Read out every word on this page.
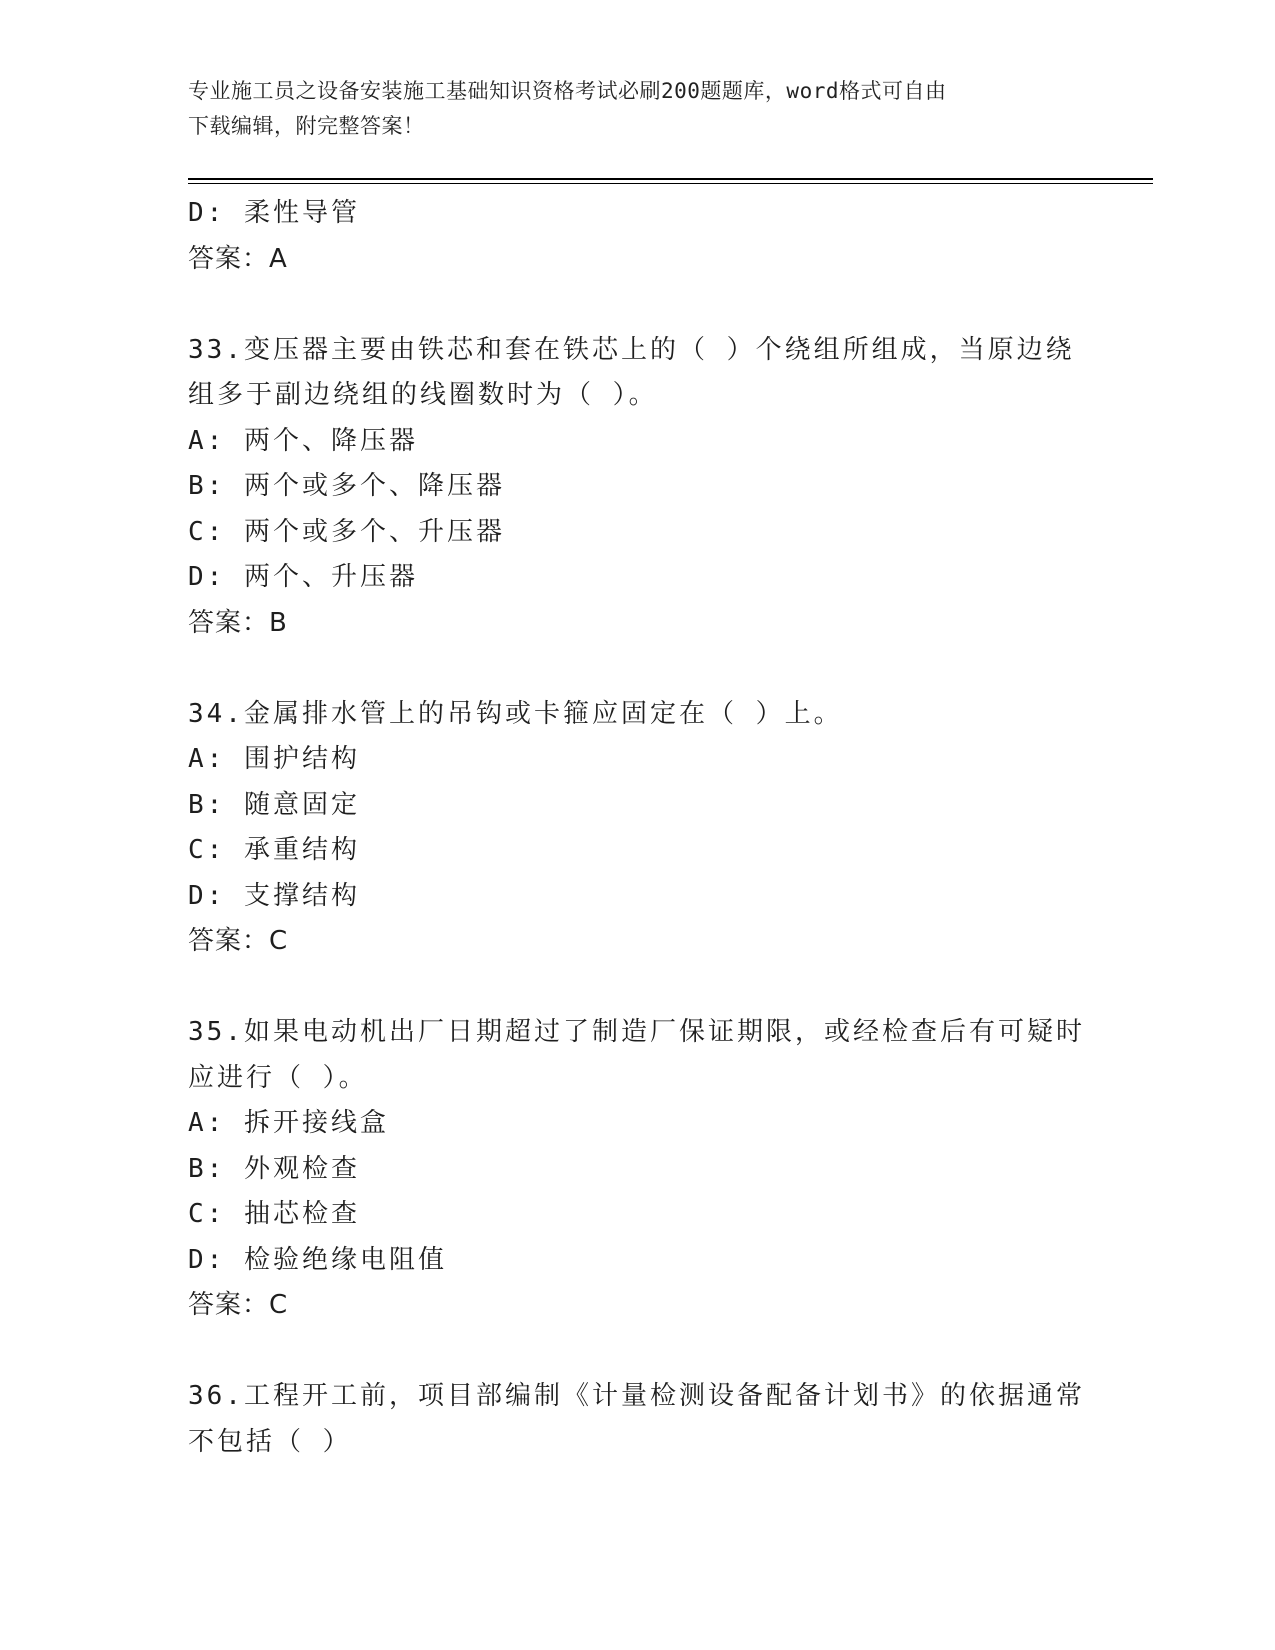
专业施工员之设备安装施工基础知识资格考试必刷200题题库，word格式可自由
下载编辑，附完整答案！
D: 柔性导管
答案：A
33.变压器主要由铁芯和套在铁芯上的（ ）个绕组所组成，当原边绕
组多于副边绕组的线圈数时为（ ）。
A: 两个、降压器
B: 两个或多个、降压器
C: 两个或多个、升压器
D: 两个、升压器
答案：B
34.金属排水管上的吊钩或卡箍应固定在（ ）上。
A: 围护结构
B: 随意固定
C: 承重结构
D: 支撑结构
答案：C
35.如果电动机出厂日期超过了制造厂保证期限，或经检查后有可疑时
应进行（ ）。
A: 拆开接线盒
B: 外观检查
C: 抽芯检查
D: 检验绝缘电阻值
答案：C
36.工程开工前，项目部编制《计量检测设备配备计划书》的依据通常
不包括（ ）
